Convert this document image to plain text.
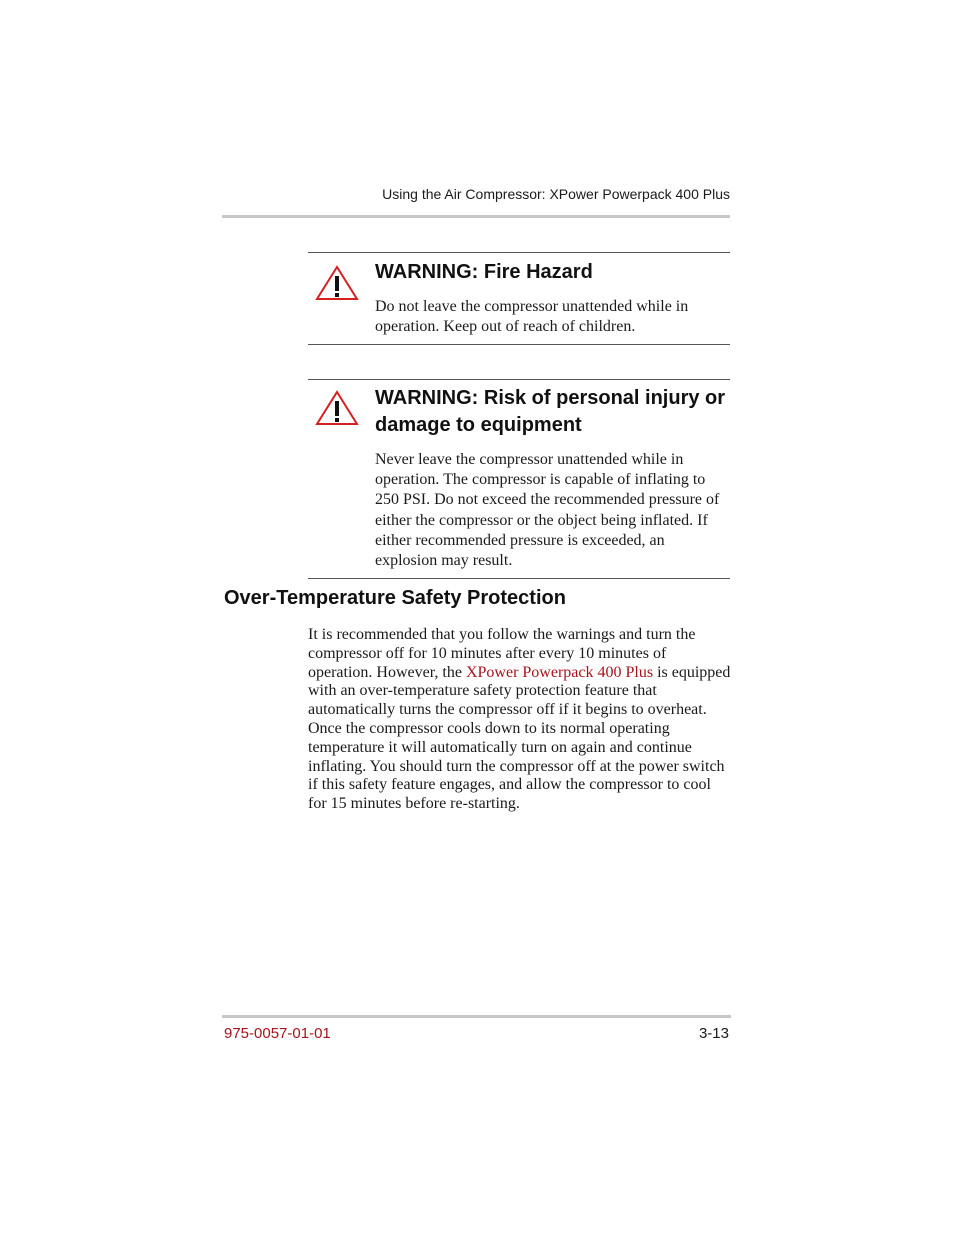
Using the Air Compressor: XPower Powerpack 400 Plus
WARNING: Fire Hazard
Do not leave the compressor unattended while in operation. Keep out of reach of children.
WARNING: Risk of personal injury or damage to equipment
Never leave the compressor unattended while in operation. The compressor is capable of inflating to 250 PSI. Do not exceed the recommended pressure of either the compressor or the object being inflated. If either recommended pressure is exceeded, an explosion may result.
Over-Temperature Safety Protection
It is recommended that you follow the warnings and turn the compressor off for 10 minutes after every 10 minutes of operation. However, the XPower Powerpack 400 Plus is equipped with an over-temperature safety protection feature that automatically turns the compressor off if it begins to overheat. Once the compressor cools down to its normal operating temperature it will automatically turn on again and continue inflating. You should turn the compressor off at the power switch if this safety feature engages, and allow the compressor to cool for 15 minutes before re-starting.
975-0057-01-01	3-13
